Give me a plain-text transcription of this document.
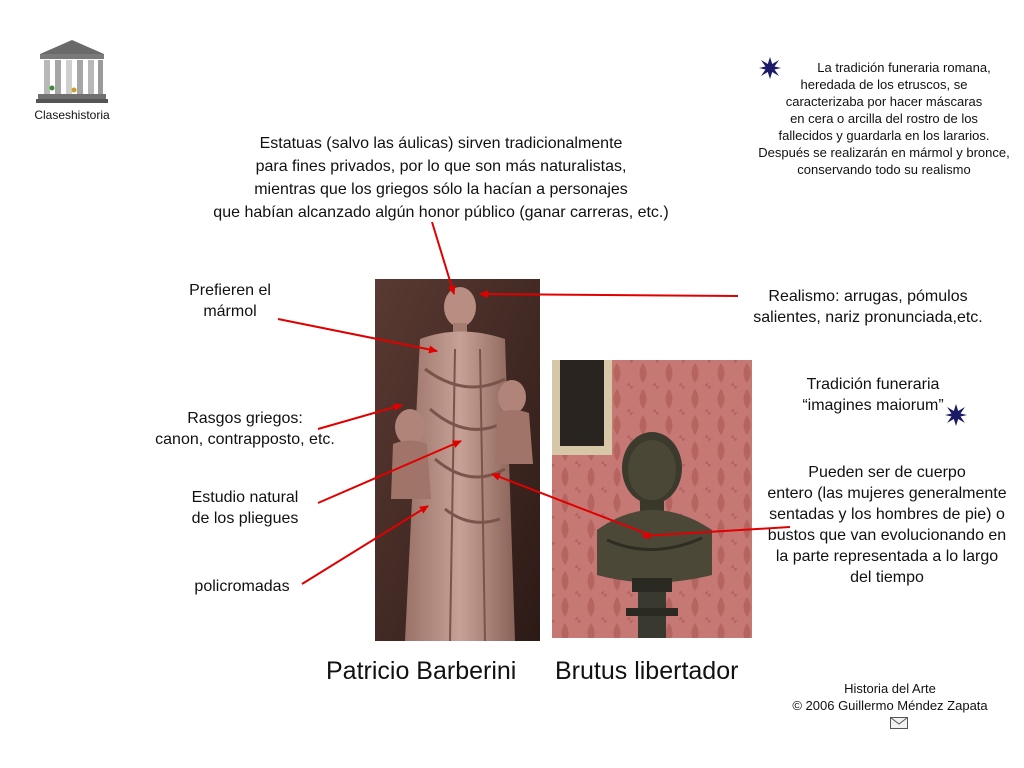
Claseshistoria
Estatuas (salvo las áulicas) sirven tradicionalmente
para fines privados, por lo que son más naturalistas,
mientras que los griegos sólo la hacían a personajes
que habían alcanzado algún honor público (ganar carreras, etc.)
La tradición funeraria romana,
heredada de los etruscos, se
caracterizaba por hacer máscaras
en cera o arcilla del rostro de los
fallecidos y guardarla en los lararios.
Después se realizarán en mármol y bronce,
conservando todo su realismo
Prefieren el
mármol
Rasgos griegos:
canon, contrapposto, etc.
Estudio natural
de los pliegues
policromadas
Realismo: arrugas, pómulos
salientes, nariz pronunciada,etc.
Tradición funeraria
“imagines maiorum”
Pueden ser de cuerpo
entero (las mujeres generalmente
sentadas y los hombres de pie) o
bustos que van evolucionando en
la parte representada a lo largo
del tiempo
Patricio Barberini Brutus libertador
Historia del Arte
© 2006 Guillermo Méndez Zapata
